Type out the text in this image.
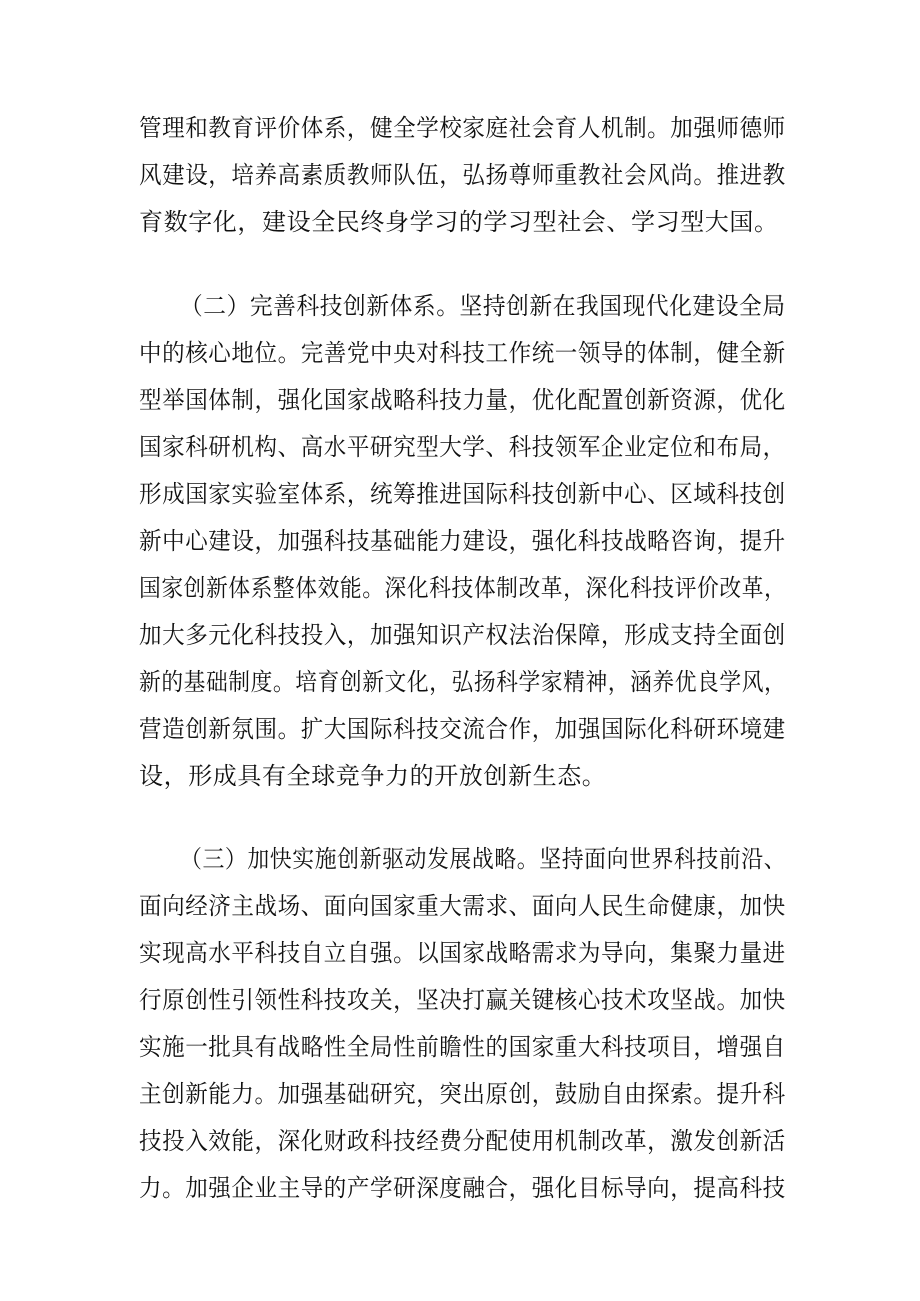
管理和教育评价体系，健全学校家庭社会育人机制。加强师德师
风建设，培养高素质教师队伍，弘扬尊师重教社会风尚。推进教
育数字化，建设全民终身学习的学习型社会、学习型大国。
（二）完善科技创新体系。坚持创新在我国现代化建设全局
中的核心地位。完善党中央对科技工作统一领导的体制，健全新
型举国体制，强化国家战略科技力量，优化配置创新资源，优化
国家科研机构、高水平研究型大学、科技领军企业定位和布局，
形成国家实验室体系，统筹推进国际科技创新中心、区域科技创
新中心建设，加强科技基础能力建设，强化科技战略咨询，提升
国家创新体系整体效能。深化科技体制改革，深化科技评价改革，
加大多元化科技投入，加强知识产权法治保障，形成支持全面创
新的基础制度。培育创新文化，弘扬科学家精神，涵养优良学风，
营造创新氛围。扩大国际科技交流合作，加强国际化科研环境建
设，形成具有全球竞争力的开放创新生态。
（三）加快实施创新驱动发展战略。坚持面向世界科技前沿、
面向经济主战场、面向国家重大需求、面向人民生命健康，加快
实现高水平科技自立自强。以国家战略需求为导向，集聚力量进
行原创性引领性科技攻关，坚决打赢关键核心技术攻坚战。加快
实施一批具有战略性全局性前瞻性的国家重大科技项目，增强自
主创新能力。加强基础研究，突出原创，鼓励自由探索。提升科
技投入效能，深化财政科技经费分配使用机制改革，激发创新活
力。加强企业主导的产学研深度融合，强化目标导向，提高科技
